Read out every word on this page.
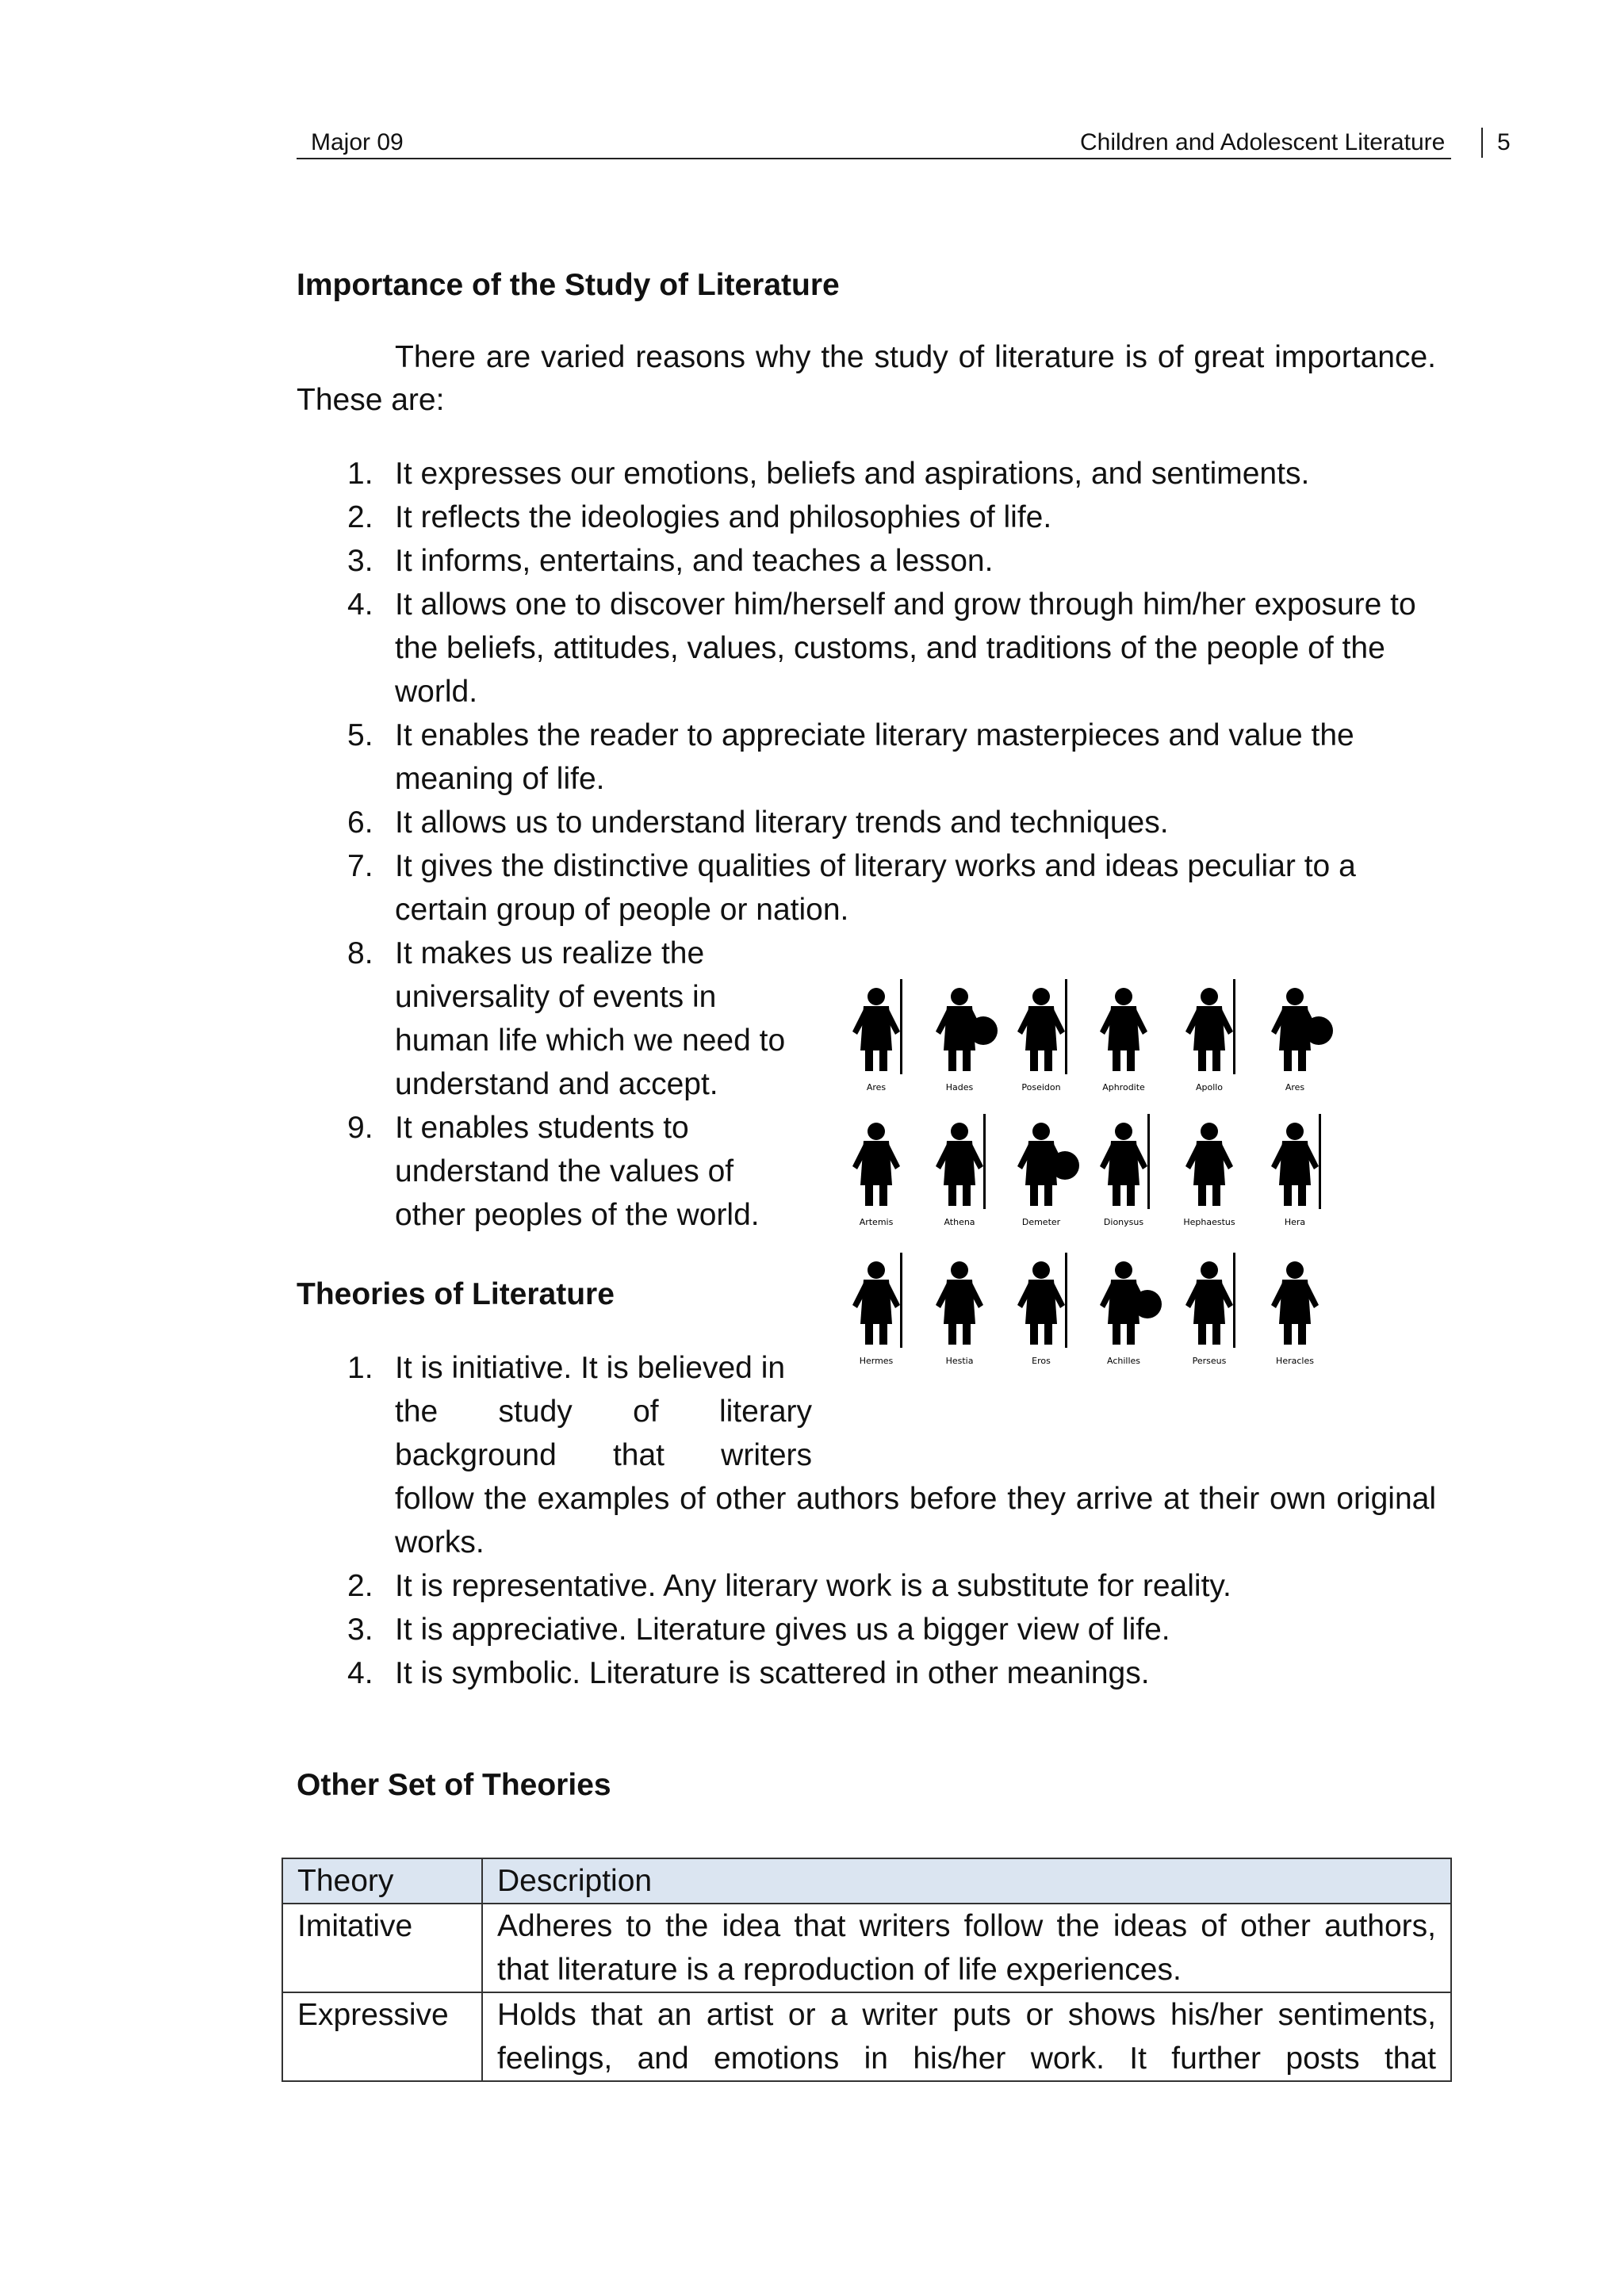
Major 09	Children and Adolescent Literature 5
Importance of the Study of Literature
There are varied reasons why the study of literature is of great importance. These are:
1. It expresses our emotions, beliefs and aspirations, and sentiments.
2. It reflects the ideologies and philosophies of life.
3. It informs, entertains, and teaches a lesson.
4. It allows one to discover him/herself and grow through him/her exposure to the beliefs, attitudes, values, customs, and traditions of the people of the world.
5. It enables the reader to appreciate literary masterpieces and value the meaning of life.
6. It allows us to understand literary trends and techniques.
7. It gives the distinctive qualities of literary works and ideas peculiar to a certain group of people or nation.
8. It makes us realize the
universality of events in
human life which we need to
understand and accept.
9. It enables students to
understand the values of
other peoples of the world.
Ares	Hades	Poseidon	Aphrodite	Apollo	Ares
Artemis	Athena	Demeter	Dionysus	Hephaestus	Hera
Hermes	Hestia	Eros	Achilles	Perseus	Heracles
Theories of Literature
1. It is initiative. It is believed in
the study of literary
background that writers
follow the examples of other authors before they arrive at their own original works.
2. It is representative. Any literary work is a substitute for reality.
3. It is appreciative. Literature gives us a bigger view of life.
4. It is symbolic. Literature is scattered in other meanings.
Other Set of Theories
Theory	Description
Imitative	Adheres to the idea that writers follow the ideas of other authors, that literature is a reproduction of life experiences.
Expressive	Holds that an artist or a writer puts or shows his/her sentiments, feelings, and emotions in his/her work. It further posts that
